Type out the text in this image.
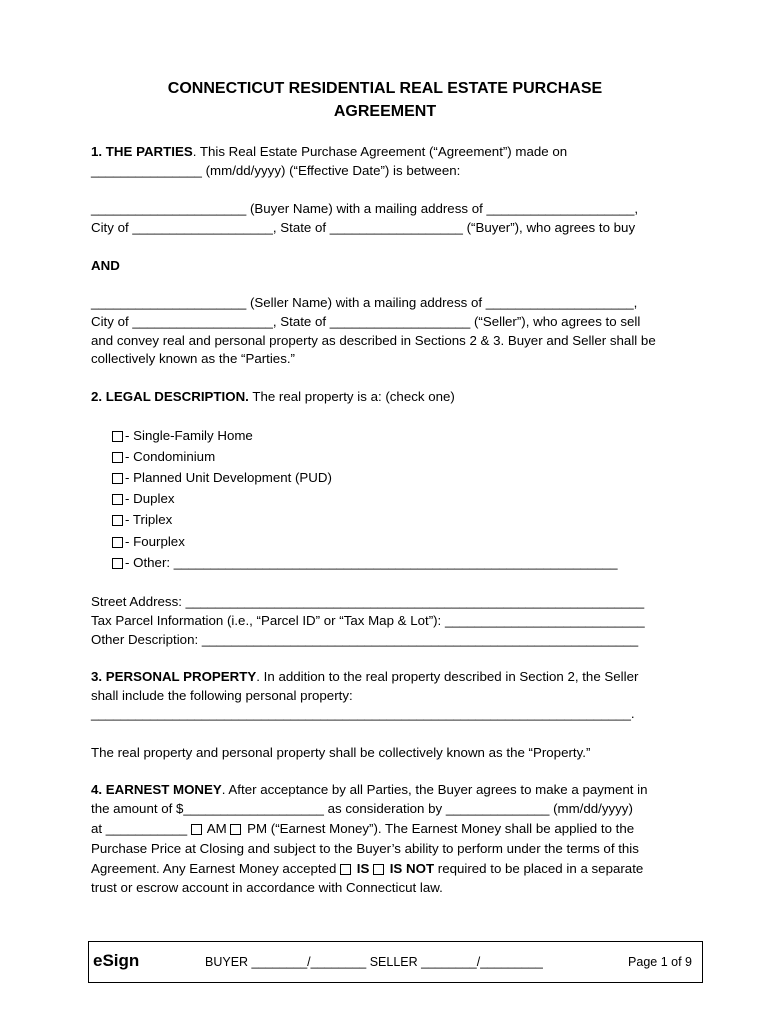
CONNECTICUT RESIDENTIAL REAL ESTATE PURCHASE
AGREEMENT
1. THE PARTIES. This Real Estate Purchase Agreement (“Agreement”) made on
_______________ (mm/dd/yyyy) (“Effective Date”) is between:
_____________________ (Buyer Name) with a mailing address of ____________________,
City of ___________________, State of __________________ (“Buyer”), who agrees to buy
AND
_____________________ (Seller Name) with a mailing address of ____________________,
City of ___________________, State of ___________________ (“Seller”), who agrees to sell
and convey real and personal property as described in Sections 2 & 3. Buyer and Seller shall be
collectively known as the “Parties.”
2. LEGAL DESCRIPTION. The real property is a: (check one)
- Single-Family Home
- Condominium
- Planned Unit Development (PUD)
- Duplex
- Triplex
- Fourplex
- Other: ____________________________________________________________
Street Address: ______________________________________________________________
Tax Parcel Information (i.e., “Parcel ID” or “Tax Map & Lot”): ___________________________
Other Description: ___________________________________________________________
3. PERSONAL PROPERTY. In addition to the real property described in Section 2, the Seller
shall include the following personal property:
_________________________________________________________________________.
The real property and personal property shall be collectively known as the “Property.”
4. EARNEST MONEY. After acceptance by all Parties, the Buyer agrees to make a payment in
the amount of $___________________ as consideration by ______________ (mm/dd/yyyy)
at ___________  AM  PM (“Earnest Money”). The Earnest Money shall be applied to the
Purchase Price at Closing and subject to the Buyer’s ability to perform under the terms of this
Agreement. Any Earnest Money accepted  IS  IS NOT required to be placed in a separate
trust or escrow account in accordance with Connecticut law.
eSign	BUYER ________/________ SELLER ________/_________	Page 1 of 9
